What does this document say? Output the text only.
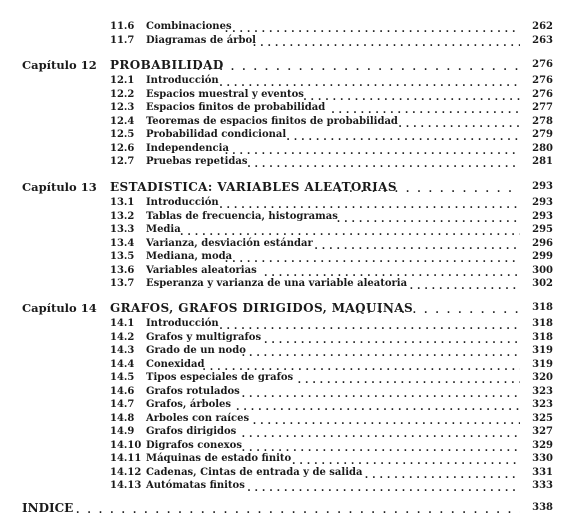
11.6 Combinaciones . . .	262
11.7 Diagramas de árbol . . .	263
Capítulo 12 PROBABILIDAD . . .	276
12.1 Introducción . . .	276
12.2 Espacios muestral y eventos . . .	276
12.3 Espacios finitos de probabilidad . . .	277
12.4 Teoremas de espacios finitos de probabilidad . . .	278
12.5 Probabilidad condicional . . .	279
12.6 Independencia . . .	280
12.7 Pruebas repetidas . . .	281
Capítulo 13 ESTADISTICA: VARIABLES ALEATORIAS . . .	293
13.1 Introducción . . .	293
13.2 Tablas de frecuencia, histogramas . . .	293
13.3 Media . . .	295
13.4 Varianza, desviación estándar . . .	296
13.5 Mediana, moda . . .	299
13.6 Variables aleatorias . . .	300
13.7 Esperanza y varianza de una variable aleatoria . . .	302
Capítulo 14 GRAFOS, GRAFOS DIRIGIDOS, MAQUINAS . . .	318
14.1 Introducción . . .	318
14.2 Grafos y multigrafos . . .	318
14.3 Grado de un nodo . . .	319
14.4 Conexidad . . .	319
14.5 Tipos especiales de grafos . . .	320
14.6 Grafos rotulados . . .	323
14.7 Grafos, árboles . . .	323
14.8 Arboles con raíces . . .	325
14.9 Grafos dirigidos . . .	327
14.10 Digrafos conexos . . .	329
14.11 Máquinas de estado finito . . .	330
14.12 Cadenas, Cintas de entrada y de salida . . .	331
14.13 Autómatas finitos . . .	333
INDICE . . .	338
